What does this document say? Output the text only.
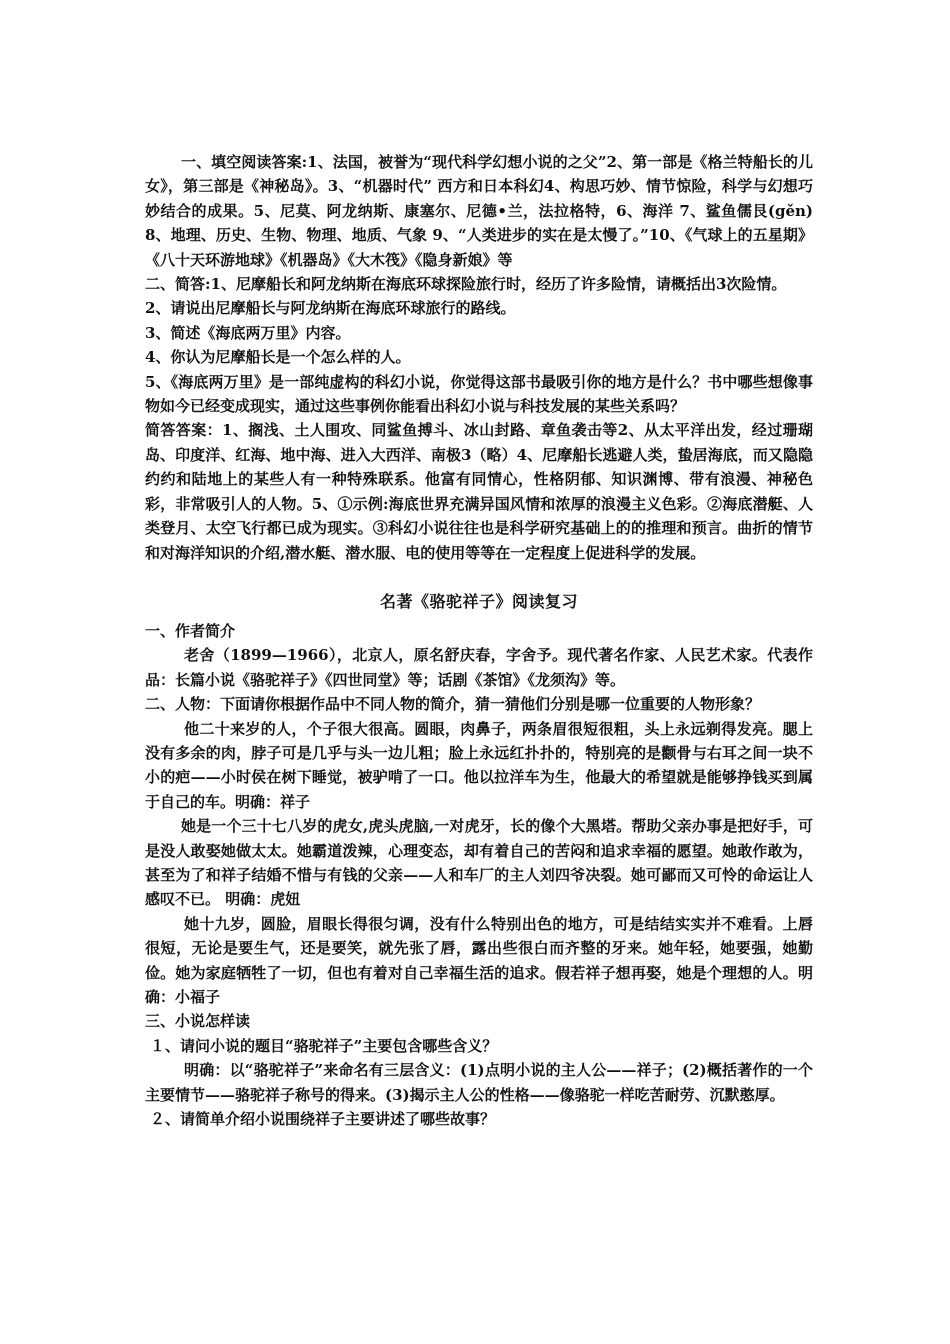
一、填空阅读答案:1、法国，被誉为“现代科学幻想小说的之父”2、第一部是《格兰特船长的儿女》，第三部是《神秘岛》。3、“机器时代” 西方和日本科幻4、构思巧妙、情节惊险，科学与幻想巧妙结合的成果。5、尼莫、阿龙纳斯、康塞尔、尼德•兰，法拉格特，6、海洋 7、鲨鱼儒艮(gěn) 8、地理、历史、生物、物理、地质、气象 9、“人类进步的实在是太慢了。”10、《气球上的五星期》《八十天环游地球》《机器岛》《大木筏》《隐身新娘》等

二、简答:1、尼摩船长和阿龙纳斯在海底环球探险旅行时，经历了许多险情，请概括出3次险情。

2、请说出尼摩船长与阿龙纳斯在海底环球旅行的路线。

3、简述《海底两万里》内容。

4、你认为尼摩船长是一个怎么样的人。

5、《海底两万里》是一部纯虚构的科幻小说，你觉得这部书最吸引你的地方是什么？书中哪些想像事物如今已经变成现实，通过这些事例你能看出科幻小说与科技发展的某些关系吗？

简答答案：1、搁浅、土人围攻、同鲨鱼搏斗、冰山封路、章鱼袭击等2、从太平洋出发，经过珊瑚岛、印度洋、红海、地中海、进入大西洋、南极3（略）4、尼摩船长逃避人类，蛰居海底，而又隐隐约约和陆地上的某些人有一种特殊联系。他富有同情心，性格阴郁、知识渊博、带有浪漫、神秘色彩，非常吸引人的人物。5、①示例:海底世界充满异国风情和浓厚的浪漫主义色彩。②海底潜艇、人类登月、太空飞行都已成为现实。③科幻小说往往也是科学研究基础上的的推理和预言。曲折的情节和对海洋知识的介绍,潜水艇、潜水服、电的使用等等在一定程度上促进科学的发展。

名著《骆驼祥子》阅读复习

一、作者简介

老舍（1899—1966），北京人，原名舒庆春，字舍予。现代著名作家、人民艺术家。代表作品：长篇小说《骆驼祥子》《四世同堂》等；话剧《茶馆》《龙须沟》等。

二、人物：下面请你根据作品中不同人物的简介，猜一猜他们分别是哪一位重要的人物形象？

他二十来岁的人，个子很大很高。圆眼，肉鼻子，两条眉很短很粗，头上永远剃得发亮。腮上没有多余的肉，脖子可是几乎与头一边儿粗；脸上永远红扑扑的，特别亮的是颧骨与右耳之间一块不小的疤——小时侯在树下睡觉，被驴啃了一口。他以拉洋车为生，他最大的希望就是能够挣钱买到属于自己的车。明确：祥子

她是一个三十七八岁的虎女,虎头虎脑,一对虎牙，长的像个大黑塔。帮助父亲办事是把好手，可是没人敢娶她做太太。她霸道泼辣，心理变态，却有着自己的苦闷和追求幸福的愿望。她敢作敢为，甚至为了和祥子结婚不惜与有钱的父亲——人和车厂的主人刘四爷决裂。她可鄙而又可怜的命运让人感叹不已。 明确：虎妞

她十九岁，圆脸，眉眼长得很匀调，没有什么特别出色的地方，可是结结实实并不难看。上唇很短，无论是要生气，还是要笑，就先张了唇，露出些很白而齐整的牙来。她年轻，她要强，她勤俭。她为家庭牺牲了一切，但也有着对自己幸福生活的追求。假若祥子想再娶，她是个理想的人。明确：小福子

三、小说怎样读

１、请问小说的题目“骆驼祥子”主要包含哪些含义？

明确：以“骆驼祥子”来命名有三层含义：(1)点明小说的主人公——祥子；(2)概括著作的一个主要情节——骆驼祥子称号的得来。(3)揭示主人公的性格——像骆驼一样吃苦耐劳、沉默憨厚。

２、请简单介绍小说围绕祥子主要讲述了哪些故事？
